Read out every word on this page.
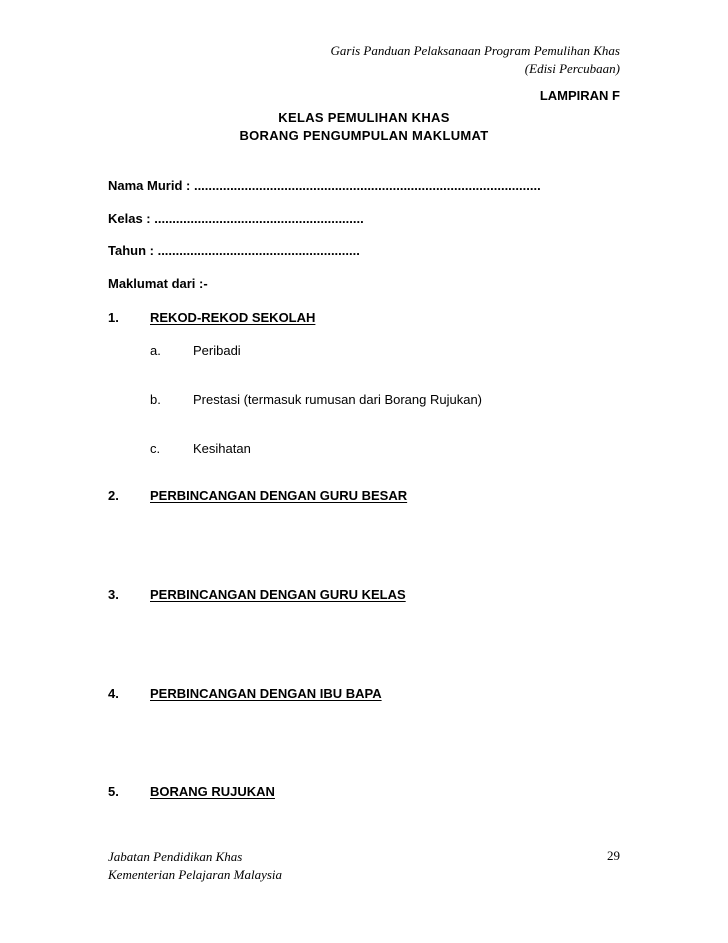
Garis Panduan Pelaksanaan Program Pemulihan Khas
(Edisi Percubaan)
LAMPIRAN F
KELAS PEMULIHAN KHAS
BORANG PENGUMPULAN MAKLUMAT
Nama Murid : ................................................................................................
Kelas : ..........................................................
Tahun : ........................................................
Maklumat dari :-
1. REKOD-REKOD SEKOLAH
a. Peribadi
b. Prestasi (termasuk rumusan dari Borang Rujukan)
c.	Kesihatan
2. PERBINCANGAN DENGAN GURU BESAR
3. PERBINCANGAN DENGAN GURU KELAS
4. PERBINCANGAN DENGAN IBU BAPA
5. BORANG RUJUKAN
Jabatan Pendidikan Khas
Kementerian Pelajaran Malaysia
29
